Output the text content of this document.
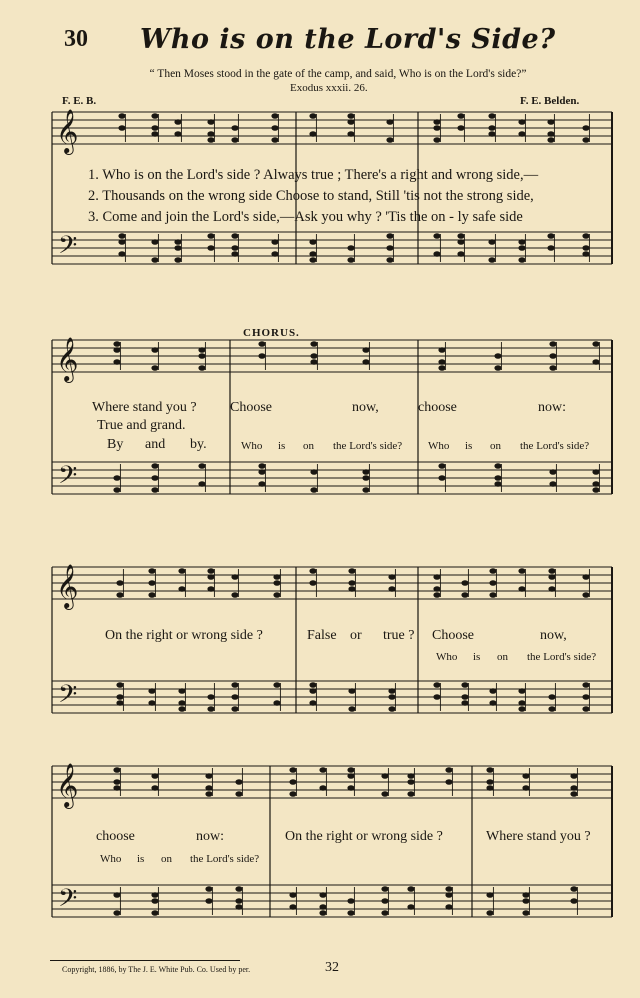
𝄞
𝄢
𝄞
𝄢
𝄞
𝄢
𝄞
𝄢
30 Who is on the Lord's Side?
“ Then Moses stood in the gate of the camp, and said, Who is on the Lord's side?”
Exodus xxxii. 26.
F. E. B.	F. E. Belden.
1. Who is on the Lord's side ? Always true ; There's a right and wrong side,—
2. Thousands on the wrong side Choose to stand, Still 'tis not the strong side,
3. Come and join the Lord's side,—Ask you why ? 'Tis the on - ly safe side
CHORUS.
Where stand you ? Choose	now,	choose	now:
True and grand.
By and by.	Who is on the Lord's side? Who is on the Lord's side?
On the right or wrong side ?	False or true ? Choose	now,
Who is on the Lord's side?
choose	now:	On the right or wrong side ?	Where stand you ?
Who is on the Lord's side?
Copyright, 1886, by The J. E. White Pub. Co. Used by per.	32
